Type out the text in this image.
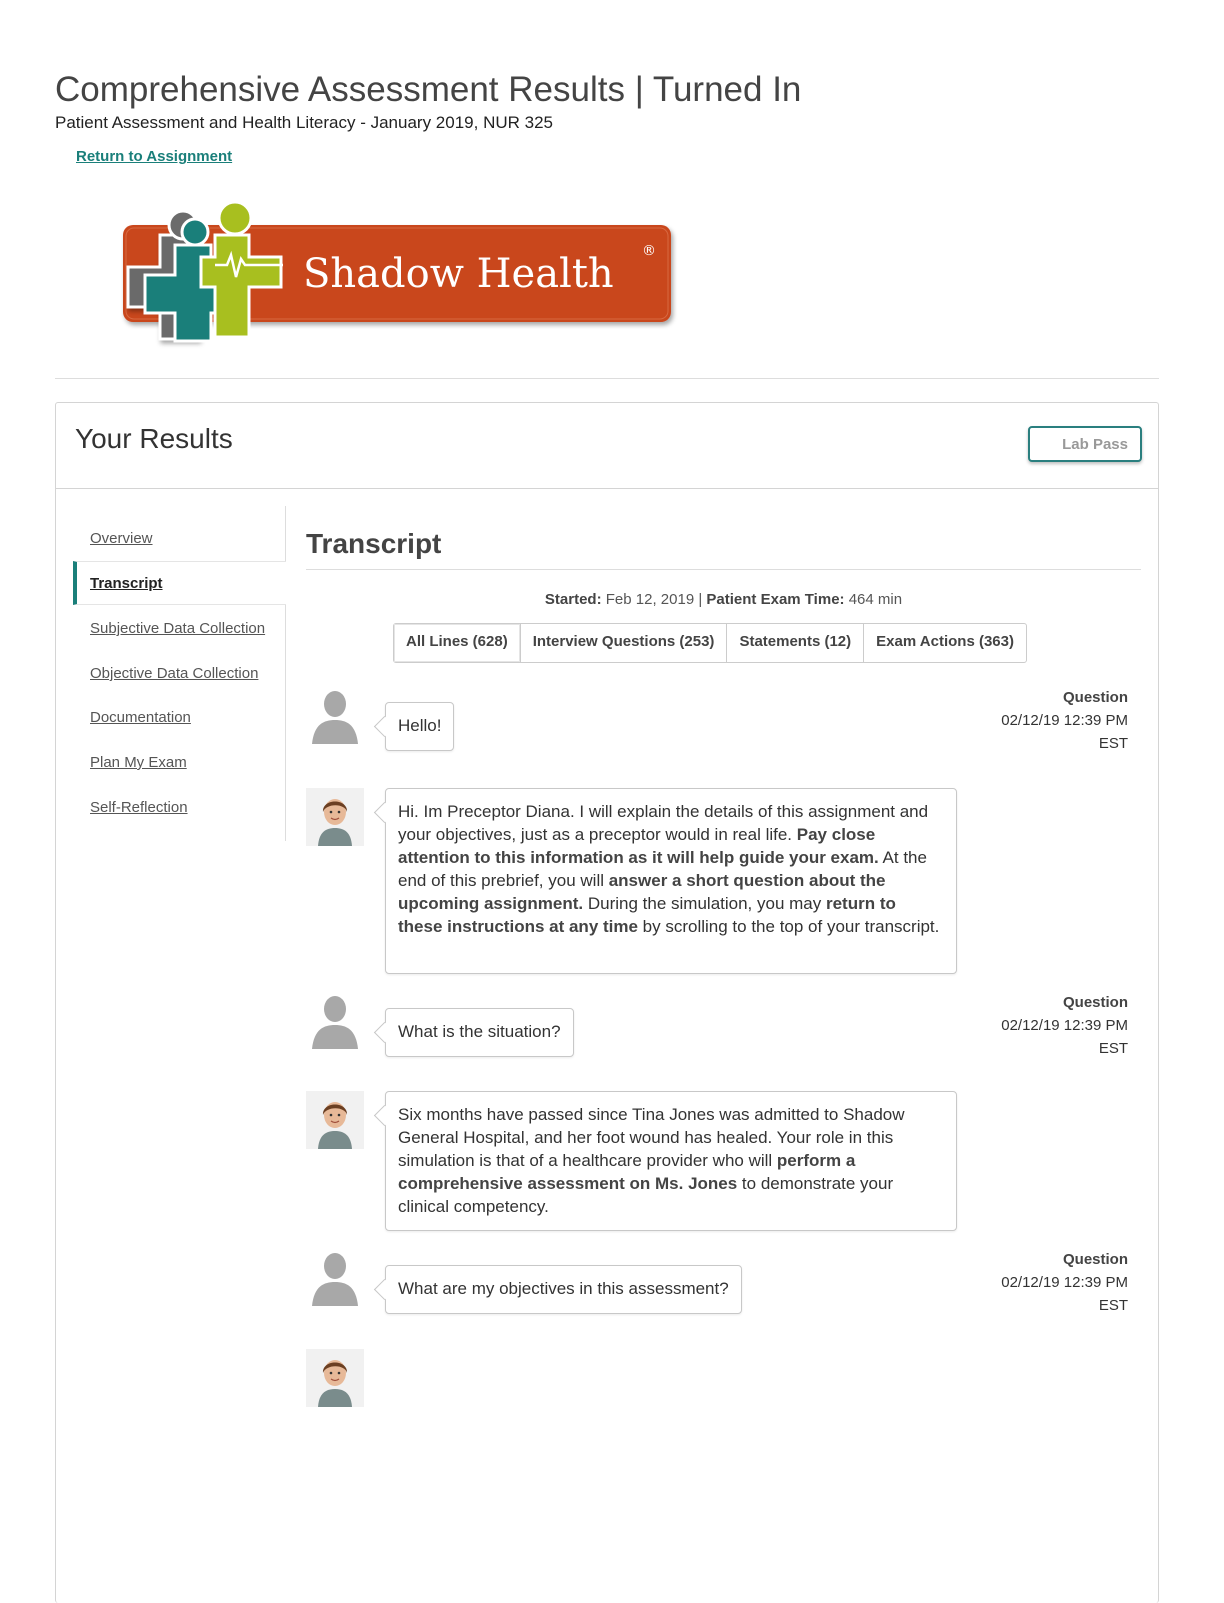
Comprehensive Assessment Results | Turned In
Patient Assessment and Health Literacy - January 2019, NUR 325
Return to Assignment
Shadow Health ®
Your Results	Lab Pass
Overview
Transcript
Subjective Data Collection
Objective Data Collection
Documentation
Plan My Exam
Self-Reflection
Transcript
Started: Feb 12, 2019 | Patient Exam Time: 464 min
All Lines (628)	Interview Questions (253)	Statements (12)	Exam Actions (363)
Hello!
Question
02/12/19 12:39 PM
EST
Hi. Im Preceptor Diana. I will explain the details of this assignment and your objectives, just as a preceptor would in real life. Pay close attention to this information as it will help guide your exam. At the end of this prebrief, you will answer a short question about the upcoming assignment. During the simulation, you may return to these instructions at any time by scrolling to the top of your transcript.
What is the situation?
Question
02/12/19 12:39 PM
EST
Six months have passed since Tina Jones was admitted to Shadow General Hospital, and her foot wound has healed. Your role in this simulation is that of a healthcare provider who will perform a comprehensive assessment on Ms. Jones to demonstrate your clinical competency.
What are my objectives in this assessment?
Question
02/12/19 12:39 PM
EST
